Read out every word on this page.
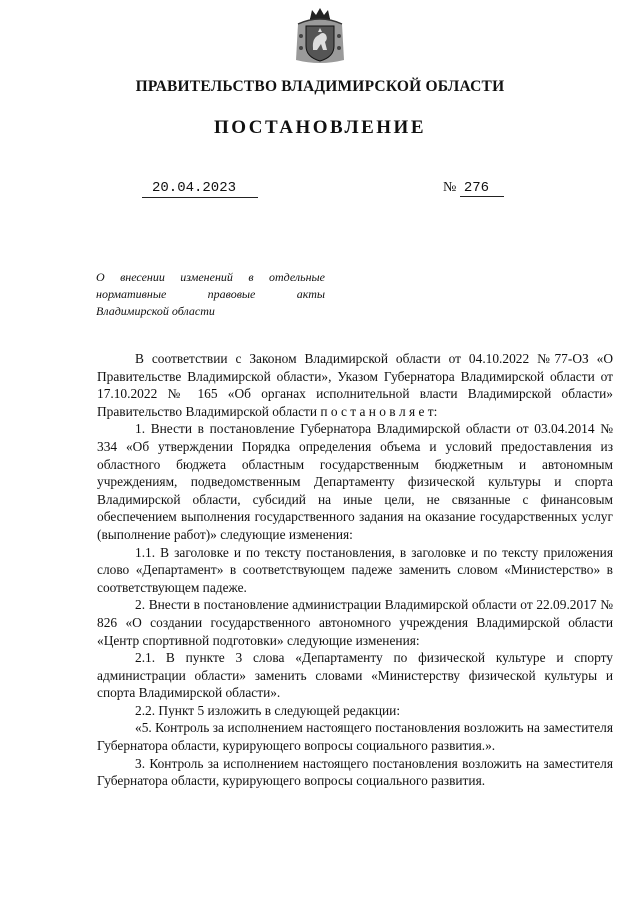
ПРАВИТЕЛЬСТВО ВЛАДИМИРСКОЙ ОБЛАСТИ
ПОСТАНОВЛЕНИЕ
20.04.2023	№ 276
О внесении изменений в отдельные
нормативные правовые акты
Владимирской области

В соответствии с Законом Владимирской области от 04.10.2022 №77-ОЗ «О Правительстве Владимирской области», Указом Губернатора Владимирской области от 17.10.2022 № 165 «Об органах исполнительной власти Владимирской области» Правительство Владимирской области п о с т а н о в л я е т:

1. Внести в постановление Губернатора Владимирской области от 03.04.2014 № 334 «Об утверждении Порядка определения объема и условий предоставления из областного бюджета областным государственным бюджетным и автономным учреждениям, подведомственным Департаменту физической культуры и спорта Владимирской области, субсидий на иные цели, не связанные с финансовым обеспечением выполнения государственного задания на оказание государственных услуг (выполнение работ)» следующие изменения:

1.1. В заголовке и по тексту постановления, в заголовке и по тексту приложения слово «Департамент» в соответствующем падеже заменить словом «Министерство» в соответствующем падеже.

2. Внести в постановление администрации Владимирской области от 22.09.2017 № 826 «О создании государственного автономного учреждения Владимирской области «Центр спортивной подготовки» следующие изменения:

2.1. В пункте 3 слова «Департаменту по физической культуре и спорту администрации области» заменить словами «Министерству физической культуры и спорта Владимирской области».

2.2. Пункт 5 изложить в следующей редакции:

«5. Контроль за исполнением настоящего постановления возложить на заместителя Губернатора области, курирующего вопросы социального развития.».

3. Контроль за исполнением настоящего постановления возложить на заместителя Губернатора области, курирующего вопросы социального развития.
